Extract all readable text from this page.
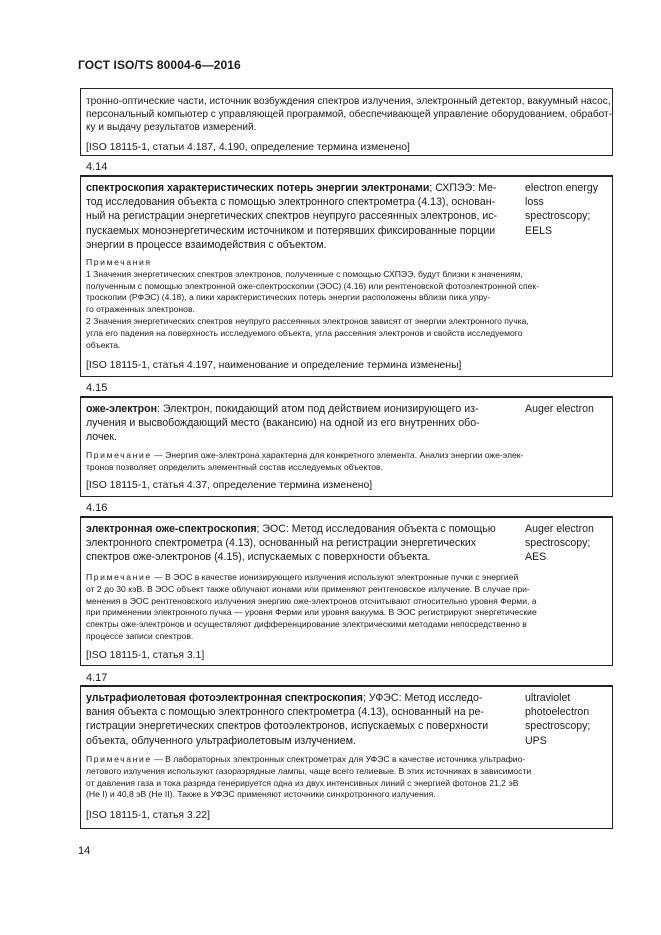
ГОСТ ISO/TS 80004-6—2016
тронно-оптические части, источник возбуждения спектров излучения, электронный детектор, вакуумный насос,
персональный компьютер с управляющей программой, обеспечивающей управление оборудованием, обработ-
ку и выдачу результатов измерений.
[ISO 18115-1, статьи 4.187, 4.190, определение термина изменено]
4.14
спектроскопия характеристических потерь энергии электронами; СХПЭЭ: Ме-
тод исследования объекта с помощью электронного спектрометра (4.13), основан-
ный на регистрации энергетических спектров неупруго рассеянных электронов, ис-
пускаемых моноэнергетическим источником и потерявших фиксированные порции
энергии в процессе взаимодействия с объектом.
electron energy
loss
spectroscopy;
EELS
Примечания
1 Значения энергетических спектров электронов, полученные с помощью СХПЭЭ, будут близки к значениям,
полученным с помощью электронной оже-спектроскопии (ЭОС) (4.16) или рентгеновской фотоэлектронной спек-
троскопии (РФЭС) (4.18), а пики характеристических потерь энергии расположены вблизи пика упру-
го отраженных электронов.
2 Значения энергетических спектров неупруго рассеянных электронов зависят от энергии электронного пучка,
угла его падения на поверхность исследуемого объекта, угла рассеяния электронов и свойств исследуемого
объекта.
[ISO 18115-1, статья 4.197, наименование и определение термина изменены]
4.15
оже-электрон: Электрон, покидающий атом под действием ионизирующего из-
лучения и высвобождающий место (вакансию) на одной из его внутренних обо-
лочек.
Auger electron
Примечание — Энергия оже-электрона характерна для конкретного элемента. Анализ энергии оже-элек-
тронов позволяет определить элементный состав исследуемых объектов.
[ISO 18115-1, статья 4.37, определение термина изменено]
4.16
электронная оже-спектроскопия; ЭОС: Метод исследования объекта с помощью
электронного спектрометра (4.13), основанный на регистрации энергетических
спектров оже-электронов (4.15), испускаемых с поверхности объекта.
Auger electron
spectroscopy;
AES
Примечание — В ЭОС в качестве ионизирующего излучения используют электронные пучки с энергией
от 2 до 30 кэВ. В ЭОС объект также облучают ионами или применяют рентгеновское излучение. В случае при-
менения в ЭОС рентгеновского излучения энергию оже-электронов отсчитывают относительно уровня Ферми, а
при применении электронного пучка — уровня Ферми или уровня вакуума. В ЭОС регистрируют энергетические
спектры оже-электронов и осуществляют дифференцирование электрическими методами непосредственно в
процессе записи спектров.
[ISO 18115-1, статья 3.1]
4.17
ультрафиолетовая фотоэлектронная спектроскопия; УФЭС: Метод исследо-
вания объекта с помощью электронного спектрометра (4.13), основанный на ре-
гистрации энергетических спектров фотоэлектронов, испускаемых с поверхности
объекта, облученного ультрафиолетовым излучением.
ultraviolet
photoelectron
spectroscopy;
UPS
Примечание — В лабораторных электронных спектрометрах для УФЭС в качестве источника ультрафио-
летового излучения используют газоразрядные лампы, чаще всего гелиевые. В этих источниках в зависимости
от давления газа и тока разряда генерируется одна из двух интенсивных линий с энергией фотонов 21,2 эВ
(He I) и 40,8 эВ (He II). Также в УФЭС применяют источники синхротронного излучения.
[ISO 18115-1, статья 3.22]
14
